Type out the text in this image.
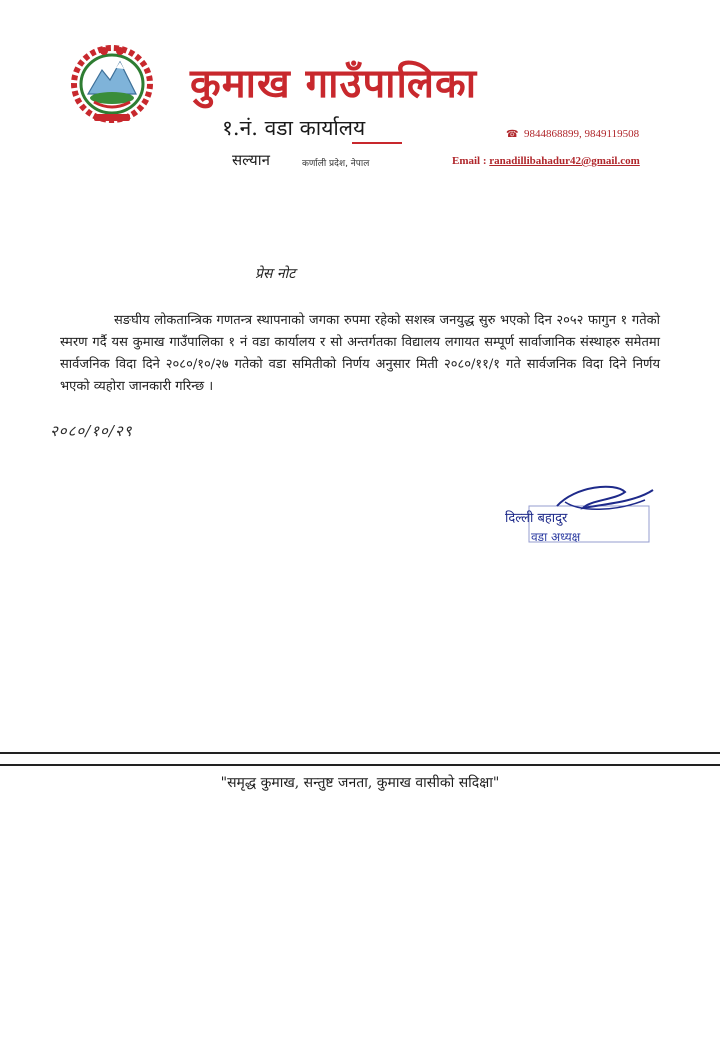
कुमाख गाउँपालिका
१.नं. वडा कार्यालय
सल्यान	कर्णाली प्रदेश, नेपाल
☎ 9844868899, 9849119508
Email : ranadillibahadur42@gmail.com
प्रेस नोट
सङघीय लोकतान्त्रिक गणतन्त्र स्थापनाको जगका रुपमा रहेको सशस्त्र जनयुद्ध सुरु भएको दिन २०५२ फागुन १ गतेको स्मरण गर्दै यस कुमाख गाउँपालिका १ नं वडा कार्यालय र सो अन्तर्गतका विद्यालय लगायत सम्पूर्ण सार्वाजानिक संस्थाहरु समेतमा सार्वजनिक विदा दिने २०८०/१०/२७ गतेको वडा समितीको निर्णय अनुसार मिती २०८०/११/१ गते सार्वजनिक विदा दिने निर्णय भएको व्यहोरा जानकारी गरिन्छ ।
२०८०/१०/२९
दिल्ली बहादुर
वडा अध्यक्ष
"समृद्ध कुमाख, सन्तुष्ट जनता, कुमाख वासीको सदिक्षा"
